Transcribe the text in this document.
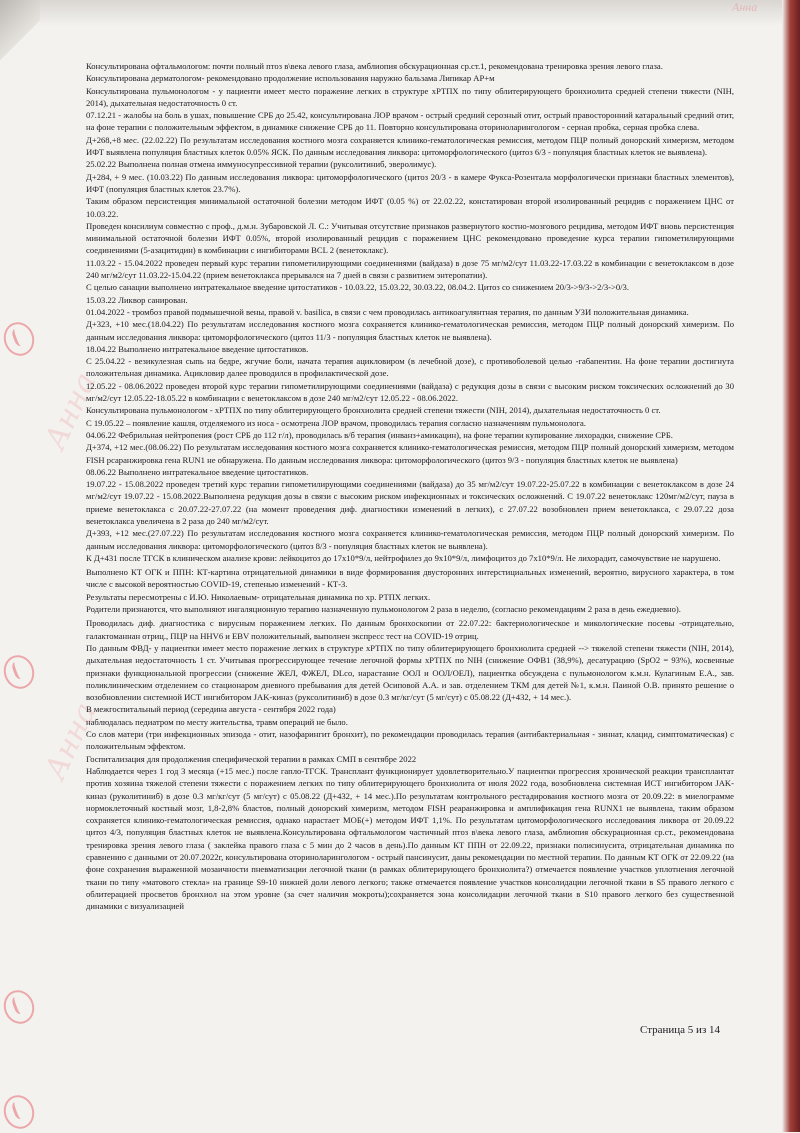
Анна
Анна
Анна

Консультирована офтальмологом: почти полный птоз в\века левого глаза, амблиопия обскурационная ср.ст.1, рекомендована тренировка зрения левого глаза.

Консультирована дерматологом- рекомендовано продолжение использования наружно бальзама Липикар АР+м

Консультирована пульмонологом - у пациенти имеет место поражение легких в структуре хРТПХ по типу облитерирующего бронхиолита средней степени тяжести (NIH, 2014), дыхательная недостаточность 0 ст.

07.12.21 - жалобы на боль в ушах, повышение СРБ до 25.42, консультирована ЛОР врачом - острый средний серозный отит, острый правосторонний катаральный средний отит, на фоне терапии с положительным эффектом, в динамике снижение СРБ до 11. Повторно консультирована оториноларингологом - серная пробка, серная пробка слева.

Д+268,+8 мес. (22.02.22) По результатам исследования костного мозга сохраняется клинико-гематологическая ремиссия, методом ПЦР полный донорский химеризм, методом ИФТ выявлена популяция бластных клеток 0.05% ЯСК. По данным исследования ликвора: цитоморфологического (цитоз 6/3 - популяция бластных клеток не выявлена).

25.02.22 Выполнена полная отмена иммуносупрессивной терапии (руксолитиниб, эверолимус).

Д+284, + 9 мес. (10.03.22) По данным исследования ликвора: цитоморфологического (цитоз 20/3 - в камере Фукса-Розентала морфологически признаки бластных элементов), ИФТ (популяция бластных клеток 23.7%).

Таким образом персистенция минимальной остаточной болезни методом ИФТ (0.05 %) от 22.02.22, констатирован второй изолированный рецидив с поражением ЦНС от 10.03.22.

Проведен консилиум совместно с проф., д.м.н. Зубаровской Л. С.: Учитывая отсутствие признаков развернутого костно-мозгового рецидива, методом ИФТ вновь персистенция минимальной остаточной болезни ИФТ 0.05%, второй изолированный рецидив с поражением ЦНС рекомендовано проведение курса терапии гипометилирующими соединениями (5-азацитидин) в комбинации с ингибиторами BCL 2 (венетоклакс).

11.03.22 - 15.04.2022 проведен первый курс терапии гипометилирующими соединениями (вайдаза) в дозе 75 мг/м2/сут 11.03.22-17.03.22 в комбинации с венетоклаксом в дозе 240 мг/м2/сут 11.03.22-15.04.22 (прием венетоклакса прерывался на 7 дней в связи с развитием энтеропатии).

С целью санации выполнено интратекальное введение цитостатиков - 10.03.22, 15.03.22, 30.03.22, 08.04.2. Цитоз со снижением 20/3->9/3->2/3->0/3.

15.03.22 Ликвор санирован.

01.04.2022 - тромбоз правой подмышечной вены, правой v. basilica, в связи с чем проводилась антикоагулянтная терапия, по данным УЗИ положительная динамика.

Д+323, +10 мес.(18.04.22) По результатам исследования костного мозга сохраняется клинико-гематологическая ремиссия, методом ПЦР полный донорский химеризм. По данным исследования ликвора: цитоморфологического (цитоз 11/3 - популяция бластных клеток не выявлена).

18.04.22 Выполнено интратекальное введение цитостатиков.

С 25.04.22 - везикулезная сыпь на бедре, жгучие боли, начата терапия ацикловиром (в лечебной дозе), с противоболевой целью -габапентин. На фоне терапии достигнута положительная динамика. Ацикловир далее проводился в профилактической дозе.

12.05.22 - 08.06.2022 проведен второй курс терапии гипометилирующими соединениями (вайдаза) с редукция дозы в связи с высоким риском токсических осложнений до 30 мг/м2/сут 12.05.22-18.05.22 в комбинации с венетоклаксом в дозе 240 мг/м2/сут 12.05.22 - 08.06.2022.

Консультирована пульмонологом - хРТПХ по типу облитерирующего бронхиолита средней степени тяжести (NIH, 2014), дыхательная недостаточность 0 ст.

С 19.05.22 – появление кашля, отделяемого из носа - осмотрена ЛОР врачом, проводилась терапия согласно назначениям пульмонолога.

04.06.22 Фебрильная нейтропения (рост СРБ до 112 г/л), проводилась в/б терапия (инванз+амикацин), на фоне терапии купирование лихорадки, снижение СРБ.

Д+374, +12 мес.(08.06.22) По результатам исследования костного мозга сохраняется клинико-гематологическая ремиссия, методом ПЦР полный донорский химеризм, методом FISH рсаранжировка гена RUN1 не обнаружена. По данным исследования ликвора: цитоморфологического (цитоз 9/3 - популяция бластных клеток не выявлена)

08.06.22 Выполнено интратекальное введение цитостатиков.

19.07.22 - 15.08.2022 проведен третий курс терапии гипометилирующими соединениями (вайдаза) до 35 мг/м2/сут 19.07.22-25.07.22 в комбинации с венетоклаксом в дозе 24 мг/м2/сут 19.07.22 - 15.08.2022.Выполнена редукция дозы в связи с высоким риском инфекционных и токсических осложнений. С 19.07.22 венетоклакс 120мг/м2/сут, пауза в приеме венетоклакса с 20.07.22-27.07.22 (на момент проведения диф. диагностики изменений в легких), с 27.07.22 возобновлен прием венетоклакса, с 29.07.22 доза венетоклакса увеличена в 2 раза до 240 мг/м2/сут.

Д+393, +12 мес.(27.07.22) По результатам исследования костного мозга сохраняется клинико-гематологическая ремиссия, методом ПЦР полный донорский химеризм. По данным исследования ликвора: цитоморфологического (цитоз 8/3 - популяция бластных клеток не выявлена).

К Д+431 после ТГСК в клиническом анализе крови: лейкоцитоз до 17х10*9/л, нейтрофилез до 9х10*9/л, лимфоцитоз до 7х10*9/л. Не лихорадит, самочувствие не нарушено.

Выполнено КТ ОГК и ППН: КТ-картина отрицательной динамики в виде формирования двусторонних интерстициальных изменений, вероятно, вирусного характера, в том числе с высокой вероятностью COVID-19, степенью изменений - КТ-3.

Результаты пересмотрены с И.Ю. Николаевым- отрицательная динамика по хр. РТПХ легких.

Родители признаются, что выполняют ингаляционную терапию назначенную пульмонологом 2 раза в неделю, (согласно рекомендациям 2 раза в день ежедневно).

Проводилась диф. диагностика с вирусным поражением легких. По данным бронхоскопии от 22.07.22: бактериологическое и микологические посевы -отрицательно, галактоманнан отриц., ПЦР на HHV6 и EBV положительный, выполнен экспресс тест на COVID-19 отриц.

По данным ФВД- у пациентки имеет место поражение легких в структуре хРТПХ по типу облитерирующего бронхиолита средней --> тяжелой степени тяжести (NIH, 2014), дыхательная недостаточность 1 ст. Учитывая прогрессирующее течение легочной формы хРТПХ по NIH (снижение ОФВ1 (38,9%), десатурацию (SpO2 = 93%), косвенные признаки функциональной прогрессии (снижение ЖЕЛ, ФЖЕЛ, DLco, нарастание ООЛ и ООЛ/ОЕЛ), пациентка обсуждена с пульмонологом к.м.н. Кулагиным Е.А., зав. поликлиническим отделением со стационаром дневного пребывания для детей Осиповой А.А. и зав. отделением ТКМ для детей №1, к.м.н. Паиной О.В. принято решение о возобновлении системной ИСТ ингибитором JAK-киназ (руксолитиниб) в дозе 0.3 мг/кг/сут (5 мг/сут) с 05.08.22 (Д+432, + 14 мес.).

В межгоспитальный период (середина августа - сентября 2022 года)

наблюдалась педиатром по месту жительства, травм операций не было.

Со слов матери (три инфекционных эпизода - отит, назофарингит бронхит), по рекомендации проводилась терапия (антибактериальная - зиннат, клацид, симптоматическая) с положительным эффектом.

Госпитализация для продолжения специфической терапии в рамках СМП в сентябре 2022

Наблюдается через 1 год 3 месяца (+15 мес.) после гапло-ТГСК. Трансплант функционирует удовлетворительно.У пациентки прогрессия хронической реакции трансплантат против хозяина тяжелой степени тяжести с поражением легких по типу облитерирующего бронхиолита от июля 2022 года, возобновлена системная ИСТ ингибитором JAK-киназ (руколитиниб) в дозе 0.3 мг/кг/сут (5 мг/сут) с 05.08.22 (Д+432, + 14 мес.).По результатам контрольного рестадирования костного мозга от 20.09.22: в миелограмме нормоклеточный костный мозг, 1,8-2,8% бластов, полный донорский химеризм, методом FISH реаранжировка и амплификация гена RUNX1 не выявлена, таким образом сохраняется клинико-гематологическая ремиссия, однако нарастает МОБ(+) методом ИФТ 1,1%. По результатам цитоморфологического исследования ликвора от 20.09.22 цитоз 4/3, популяция бластных клеток не выявлена.Консультирована офтальмологом частичный птоз в\века левого глаза, амблиопия обскурационная ср.ст., рекомендована тренировка зрения левого глаза ( заклейка правого глаза с 5 мин до 2 часов в день).По данным КТ ППН от 22.09.22, признаки полисинусита, отрицательная динамика по сравнению с данными от 20.07.2022г, консультирована оториноларингологом - острый пансинусит, даны рекомендации по местной терапии. По данным КТ ОГК от 22.09.22 (на фоне сохранения выраженной мозаичности пневматизации легочной ткани (в рамках облитерирующего бронхиолита?) отмечается появление участков уплотнения легочной ткани по типу «матового стекла» на границе S9-10 нижней доли левого легкого; также отмечается появление участков консолидации легочной ткани в S5 правого легкого с облитерацией просветов бронхиол на этом уровне (за счет наличия мокроты);сохраняется зона консолидации легочной ткани в S10 правого легкого без существенной динамики с визуализацией

Страница 5 из 14
